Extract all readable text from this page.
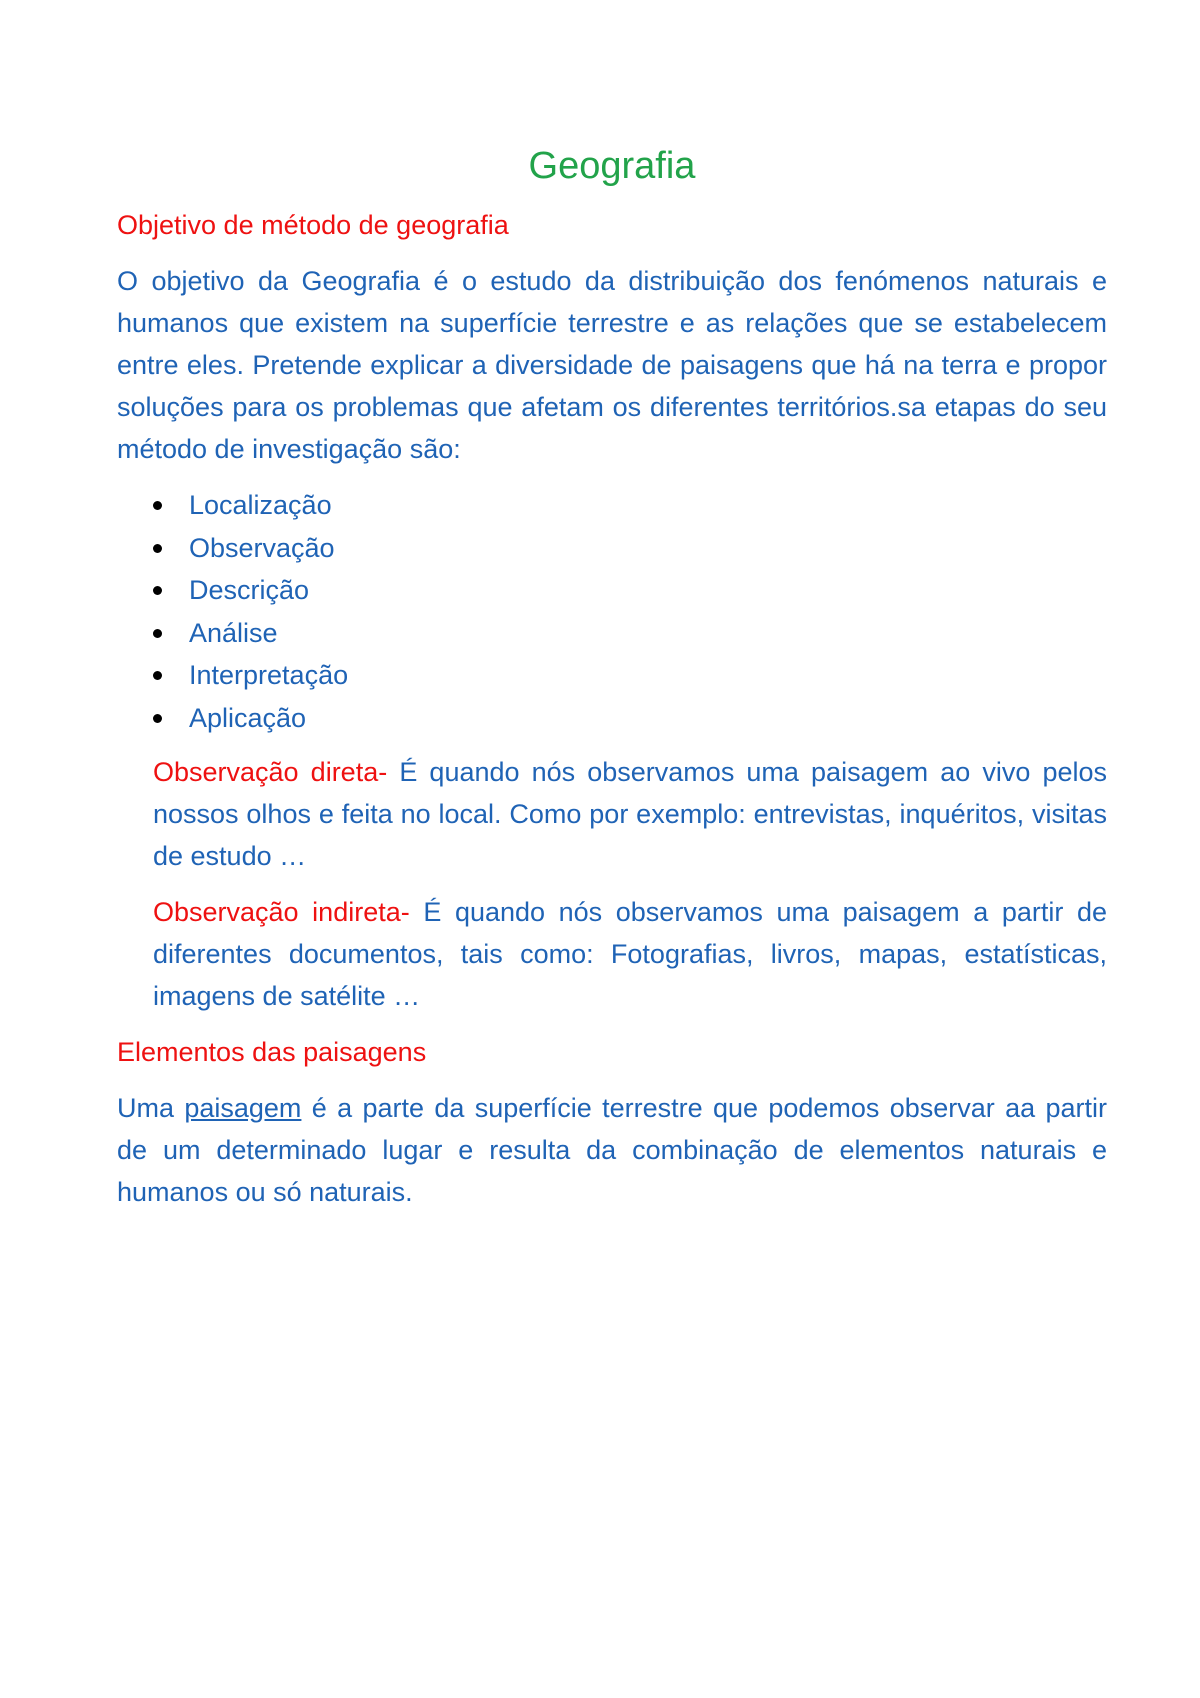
Geografia
Objetivo de método de geografia

O objetivo da Geografia é o estudo da distribuição dos fenómenos naturais e humanos que existem na superfície terrestre e as relações que se estabelecem entre eles. Pretende explicar a diversidade de paisagens que há na terra e propor soluções para os problemas que afetam os diferentes territórios.sa etapas do seu método de investigação são:

Localização
Observação
Descrição
Análise
Interpretação
Aplicação

Observação direta- É quando nós observamos uma paisagem ao vivo pelos nossos olhos e feita no local. Como por exemplo: entrevistas, inquéritos, visitas de estudo …

Observação indireta- É quando nós observamos uma paisagem a partir de diferentes documentos, tais como: Fotografias, livros, mapas, estatísticas, imagens de satélite …

Elementos das paisagens

Uma paisagem é a parte da superfície terrestre que podemos observar aa partir de um determinado lugar e resulta da combinação de elementos naturais e humanos ou só naturais.
